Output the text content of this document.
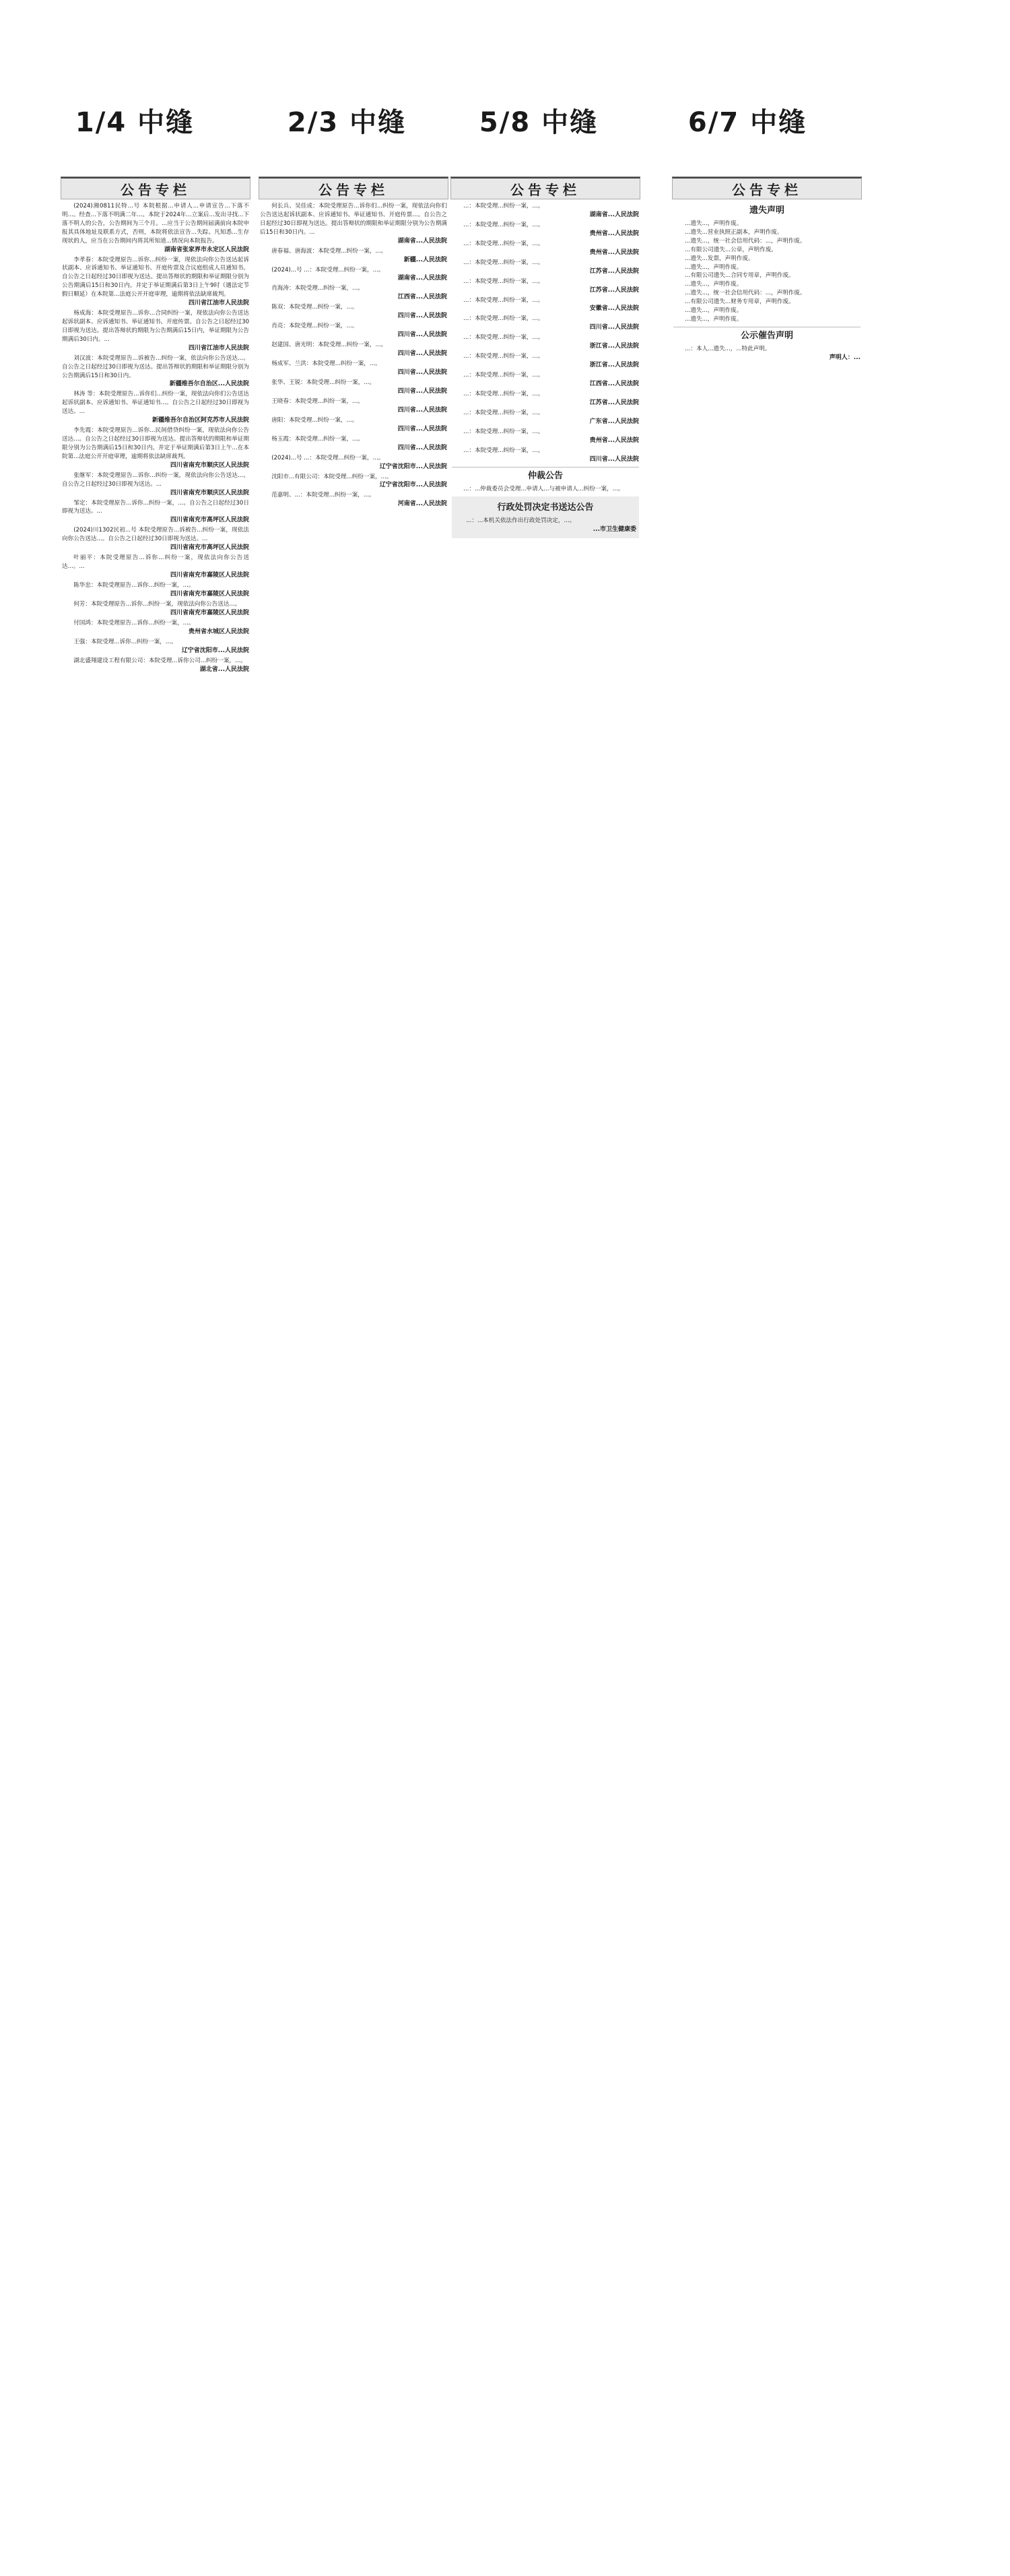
1/4 中缝	2/3 中缝	5/8 中缝	6/7 中缝
公告专栏
(2024)湘0811民特...号 本院根据...申请人...申请宣告...下落不明...。经查...下落不明满二年...。本院于2024年...立案后...发出寻找...下落不明人的公告，公告期间为三个月。...应当于公告期间届满前向本院申报其具体地址及联系方式，否则，本院将依法宣告...失踪。凡知悉...生存现状的人，应当在公告期间内将其所知道...情况向本院报告。
湖南省张家界市永定区人民法院
李孝春：本院受理原告...诉你...纠纷一案，现依法向你公告送达起诉状副本、应诉通知书、举证通知书、开庭传票及合议庭组成人员通知书。自公告之日起经过30日即视为送达。提出答辩状的期限和举证期限分别为公告期满后15日和30日内。并定于举证期满后第3日上午9时（遇法定节假日顺延）在本院第...法庭公开开庭审理，逾期将依法缺席裁判。
四川省江油市人民法院
杨成海：本院受理原告...诉你...合同纠纷一案，现依法向你公告送达起诉状副本、应诉通知书、举证通知书、开庭传票。自公告之日起经过30日即视为送达。提出答辩状的期限为公告期满后15日内，举证期限为公告期满后30日内。...
四川省江油市人民法院
刘汉波：本院受理原告...诉被告...纠纷一案，依法向你公告送达...。自公告之日起经过30日即视为送达。提出答辩状的期限和举证期限分别为公告期满后15日和30日内。
新疆维吾尔自治区...人民法院
林涛 等：本院受理原告...诉你们...纠纷一案，现依法向你们公告送达起诉状副本、应诉通知书、举证通知书...。自公告之日起经过30日即视为送达。...
新疆维吾尔自治区阿克苏市人民法院
李先霞：本院受理原告...诉你...民间借贷纠纷一案，现依法向你公告送达...。自公告之日起经过30日即视为送达。提出答辩状的期限和举证期限分别为公告期满后15日和30日内。并定于举证期满后第3日上午...在本院第...法庭公开开庭审理，逾期将依法缺席裁判。
四川省南充市顺庆区人民法院
张继军：本院受理原告...诉你...纠纷一案，现依法向你公告送达...。自公告之日起经过30日即视为送达。...
四川省南充市顺庆区人民法院
邹定：本院受理原告...诉你...纠纷一案，...。自公告之日起经过30日即视为送达。...
四川省南充市高坪区人民法院
(2024)川1302民初...号 本院受理原告...诉被告...纠纷一案，现依法向你公告送达...。自公告之日起经过30日即视为送达。...
四川省南充市高坪区人民法院
叶丽平：本院受理原告...诉你...纠纷一案，现依法向你公告送达...。...
四川省南充市嘉陵区人民法院
陈华忠：本院受理原告...诉你...纠纷一案，...。
四川省南充市嘉陵区人民法院
何芳：本院受理原告...诉你...纠纷一案，现依法向你公告送达...。
四川省南充市嘉陵区人民法院
付国鸿：本院受理原告...诉你...纠纷一案，...。
贵州省水城区人民法院
王强：本院受理...诉你...纠纷一案，...。
辽宁省沈阳市...人民法院
湖北盛翔建设工程有限公司：本院受理...诉你公司...纠纷一案，...。
湖北省...人民法院
公告专栏
何长兵、吴佳成：本院受理原告...诉你们...纠纷一案，现依法向你们公告送达起诉状副本、应诉通知书、举证通知书、开庭传票...。自公告之日起经过30日即视为送达。提出答辩状的期限和举证期限分别为公告期满后15日和30日内。...
湖南省...人民法院
唐春福、唐海波：本院受理...纠纷一案，...。
新疆...人民法院
(2024)...号 ...：本院受理...纠纷一案，...。
湖南省...人民法院
肖海涛：本院受理...纠纷一案，...。
江西省...人民法院
陈双：本院受理...纠纷一案，...。
四川省...人民法院
肖亮：本院受理...纠纷一案，...。
四川省...人民法院
赵建国、唐光明：本院受理...纠纷一案，...。
四川省...人民法院
杨成军、兰洪：本院受理...纠纷一案，...。
四川省...人民法院
张华、王锐：本院受理...纠纷一案，...。
四川省...人民法院
王晓春：本院受理...纠纷一案，...。
四川省...人民法院
唐阳：本院受理...纠纷一案，...。
四川省...人民法院
杨玉霞：本院受理...纠纷一案，...。
四川省...人民法院
(2024)...号 ...：本院受理...纠纷一案，...。
辽宁省沈阳市...人民法院
沈阳市...有限公司：本院受理...纠纷一案，...。
辽宁省沈阳市...人民法院
范嘉明、...：本院受理...纠纷一案，...。
河南省...人民法院
公告专栏
...：本院受理...纠纷一案，...。
湖南省...人民法院
...：本院受理...纠纷一案，...。
贵州省...人民法院
...：本院受理...纠纷一案，...。
贵州省...人民法院
...：本院受理...纠纷一案，...。
江苏省...人民法院
...：本院受理...纠纷一案，...。
江苏省...人民法院
...：本院受理...纠纷一案，...。
安徽省...人民法院
...：本院受理...纠纷一案，...。
四川省...人民法院
...：本院受理...纠纷一案，...。
浙江省...人民法院
...：本院受理...纠纷一案，...。
浙江省...人民法院
...：本院受理...纠纷一案，...。
江西省...人民法院
...：本院受理...纠纷一案，...。
江苏省...人民法院
...：本院受理...纠纷一案，...。
广东省...人民法院
...：本院受理...纠纷一案，...。
贵州省...人民法院
...：本院受理...纠纷一案，...。
四川省...人民法院
仲裁公告
...：...仲裁委员会受理...申请人...与被申请人...纠纷一案，...。
行政处罚决定书送达公告
...：...本机关依法作出行政处罚决定，...。
...市卫生健康委
公告专栏
遗失声明
...遗失...，声明作废。
...遗失...营业执照正副本，声明作废。
...遗失...，统一社会信用代码：...，声明作废。
...有限公司遗失...公章，声明作废。
...遗失...发票，声明作废。
...遗失...，声明作废。
...有限公司遗失...合同专用章，声明作废。
...遗失...，声明作废。
...遗失...，统一社会信用代码：...，声明作废。
...有限公司遗失...财务专用章，声明作废。
...遗失...，声明作废。
...遗失...，声明作废。
公示催告声明
...：本人...遗失...，...特此声明。
声明人：...
